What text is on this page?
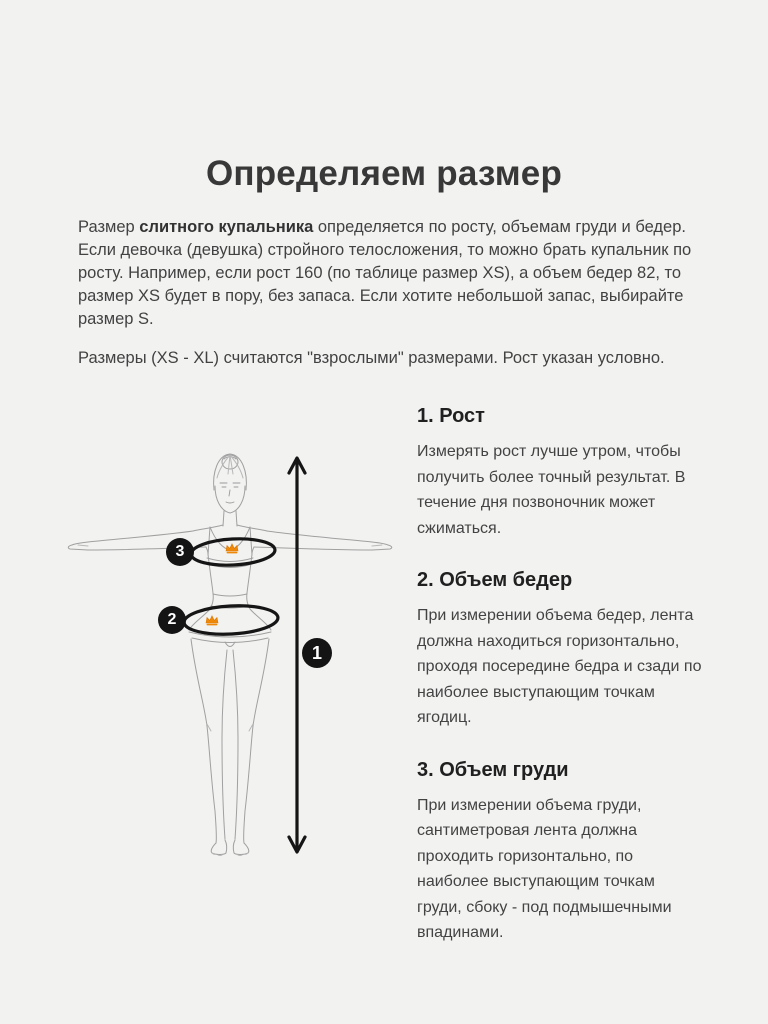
Определяем размер

Размер слитного купальника определяется по росту, объемам груди и бедер. Если девочка (девушка) стройного телосложения, то можно брать купальник по росту. Например, если рост 160 (по таблице размер XS), а объем бедер 82, то размер XS будет в пору, без запаса. Если хотите небольшой запас, выбирайте размер S.

Размеры (XS - XL) считаются "взрослыми" размерами. Рост указан условно.

3
2
1
1. Рост

Измерять рост лучше утром, чтобы получить более точный результат. В течение дня позвоночник может сжиматься.

2. Объем бедер

При измерении объема бедер, лента должна находиться горизонтально, проходя посередине бедра и сзади по наиболее выступающим точкам ягодиц.

3. Объем груди

При измерении объема груди, сантиметровая лента должна проходить горизонтально, по наиболее выступающим точкам груди, сбоку - под подмышечными впадинами.
